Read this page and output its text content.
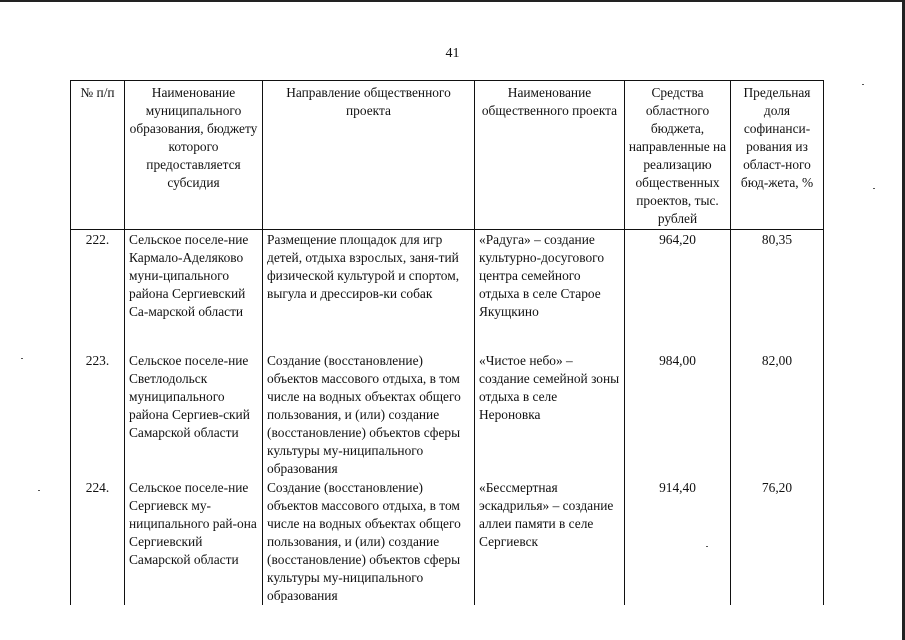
41
№ п/п	Наименование муниципального образования, бюджету которого предоставляется субсидия	Направление общественного проекта	Наименование общественного проекта	Средства областного бюджета, направленные на реализацию общественных проектов, тыс. рублей	Предельная доля софинанси-рования из област-ного бюд-жета, %
222.	Сельское поселе-ние Кармало-Аделяково муни-ципального района Сергиевский Са-марской области	Размещение площадок для игр детей, отдыха взрослых, заня-тий физической культурой и спортом, выгула и дрессиров-ки собак	«Радуга» – создание культурно-досугового центра семейного отдыха в селе Старое Якущкино	964,20	80,35
223.	Сельское поселе-ние Светлодольск муниципального района Сергиев-ский Самарской области	Создание (восстановление) объектов массового отдыха, в том числе на водных объектах общего пользования, и (или) создание (восстановление) объектов сферы культуры му-ниципального образования	«Чистое небо» – создание семейной зоны отдыха в селе Нероновка	984,00	82,00
224.	Сельское поселе-ние Сергиевск му-ниципального рай-она Сергиевский Самарской области	Создание (восстановление) объектов массового отдыха, в том числе на водных объектах общего пользования, и (или) создание (восстановление) объектов сферы культуры му-ниципального образования	«Бессмертная эскадрилья» – создание аллеи памяти в селе Сергиевск	914,40	76,20
